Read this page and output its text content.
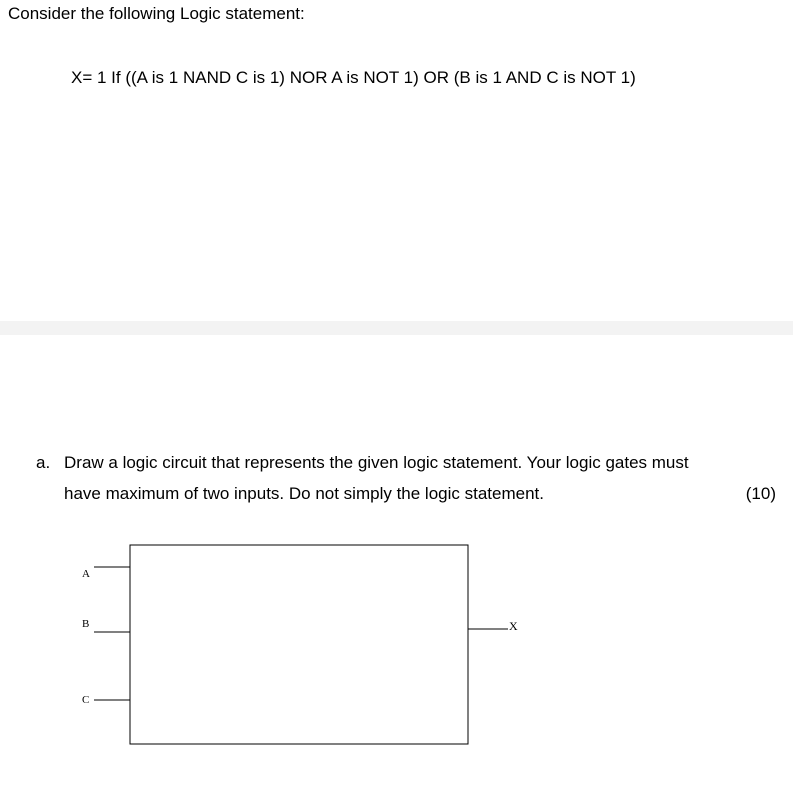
Consider the following Logic statement:
X= 1 If ((A is 1 NAND C is 1) NOR A is NOT 1) OR (B is 1 AND C is NOT 1)
a. Draw a logic circuit that represents the given logic statement. Your logic gates must
have maximum of two inputs. Do not simply the logic statement.	(10)
A
B
C
X
